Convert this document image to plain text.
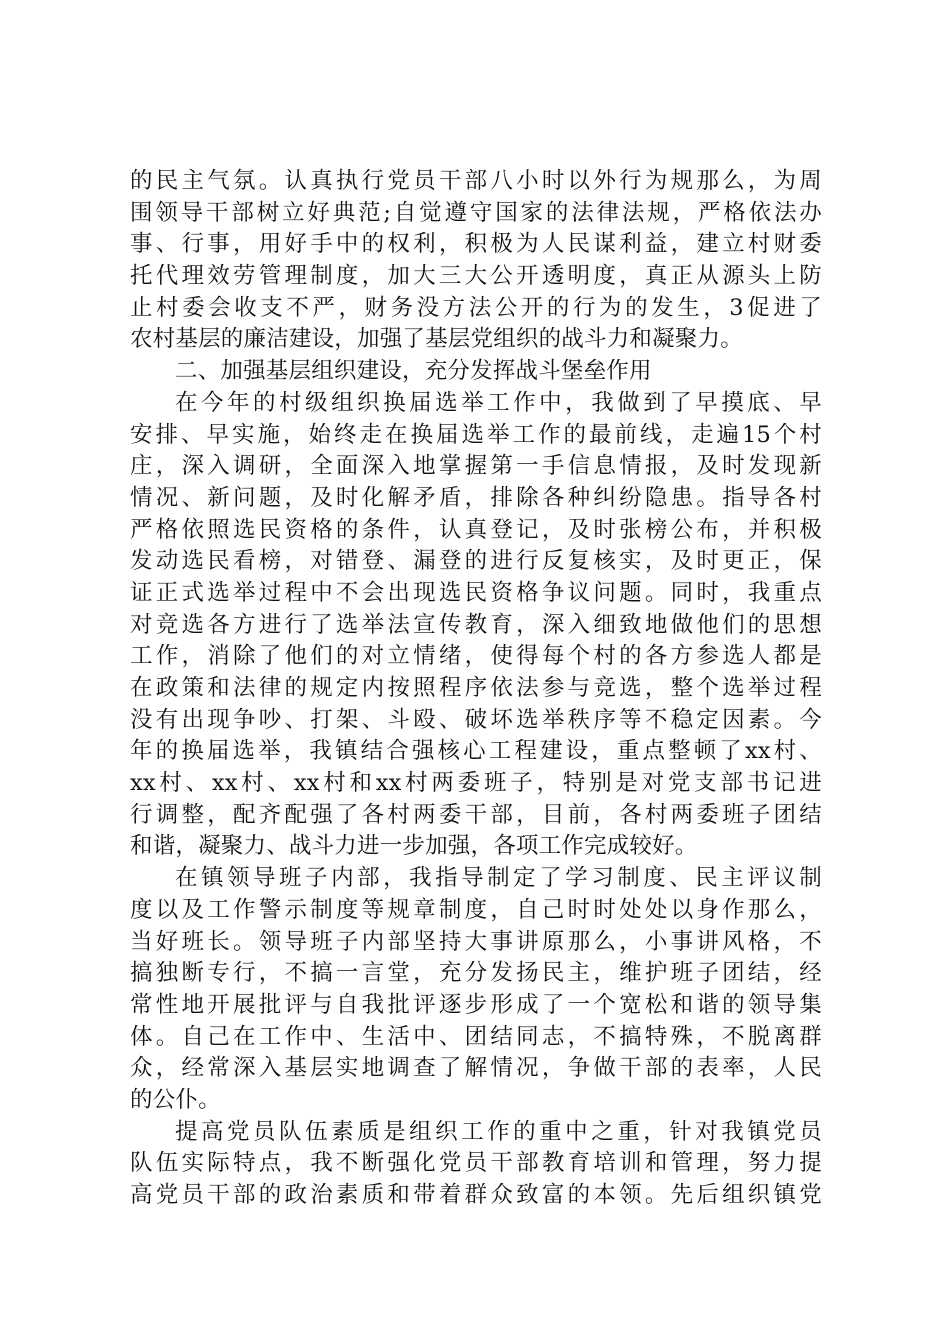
的民主气氛。认真执行党员干部八小时以外行为规那么，为周
围领导干部树立好典范;自觉遵守国家的法律法规，严格依法办
事、行事，用好手中的权利，积极为人民谋利益，建立村财委
托代理效劳管理制度，加大三大公开透明度，真正从源头上防
止村委会收支不严，财务没方法公开的行为的发生，3促进了
农村基层的廉洁建设，加强了基层党组织的战斗力和凝聚力。
二、加强基层组织建设，充分发挥战斗堡垒作用
在今年的村级组织换届选举工作中，我做到了早摸底、早
安排、早实施，始终走在换届选举工作的最前线，走遍15个村
庄，深入调研，全面深入地掌握第一手信息情报，及时发现新
情况、新问题，及时化解矛盾，排除各种纠纷隐患。指导各村
严格依照选民资格的条件，认真登记，及时张榜公布，并积极
发动选民看榜，对错登、漏登的进行反复核实，及时更正，保
证正式选举过程中不会出现选民资格争议问题。同时，我重点
对竞选各方进行了选举法宣传教育，深入细致地做他们的思想
工作，消除了他们的对立情绪，使得每个村的各方参选人都是
在政策和法律的规定内按照程序依法参与竞选，整个选举过程
没有出现争吵、打架、斗殴、破坏选举秩序等不稳定因素。今
年的换届选举，我镇结合强核心工程建设，重点整顿了xx村、
xx村、xx村、xx村和xx村两委班子，特别是对党支部书记进
行调整，配齐配强了各村两委干部，目前，各村两委班子团结
和谐，凝聚力、战斗力进一步加强，各项工作完成较好。
在镇领导班子内部，我指导制定了学习制度、民主评议制
度以及工作警示制度等规章制度，自己时时处处以身作那么，
当好班长。领导班子内部坚持大事讲原那么，小事讲风格，不
搞独断专行，不搞一言堂，充分发扬民主，维护班子团结，经
常性地开展批评与自我批评逐步形成了一个宽松和谐的领导集
体。自己在工作中、生活中、团结同志，不搞特殊，不脱离群
众，经常深入基层实地调查了解情况，争做干部的表率，人民
的公仆。
提高党员队伍素质是组织工作的重中之重，针对我镇党员
队伍实际特点，我不断强化党员干部教育培训和管理，努力提
高党员干部的政治素质和带着群众致富的本领。先后组织镇党
